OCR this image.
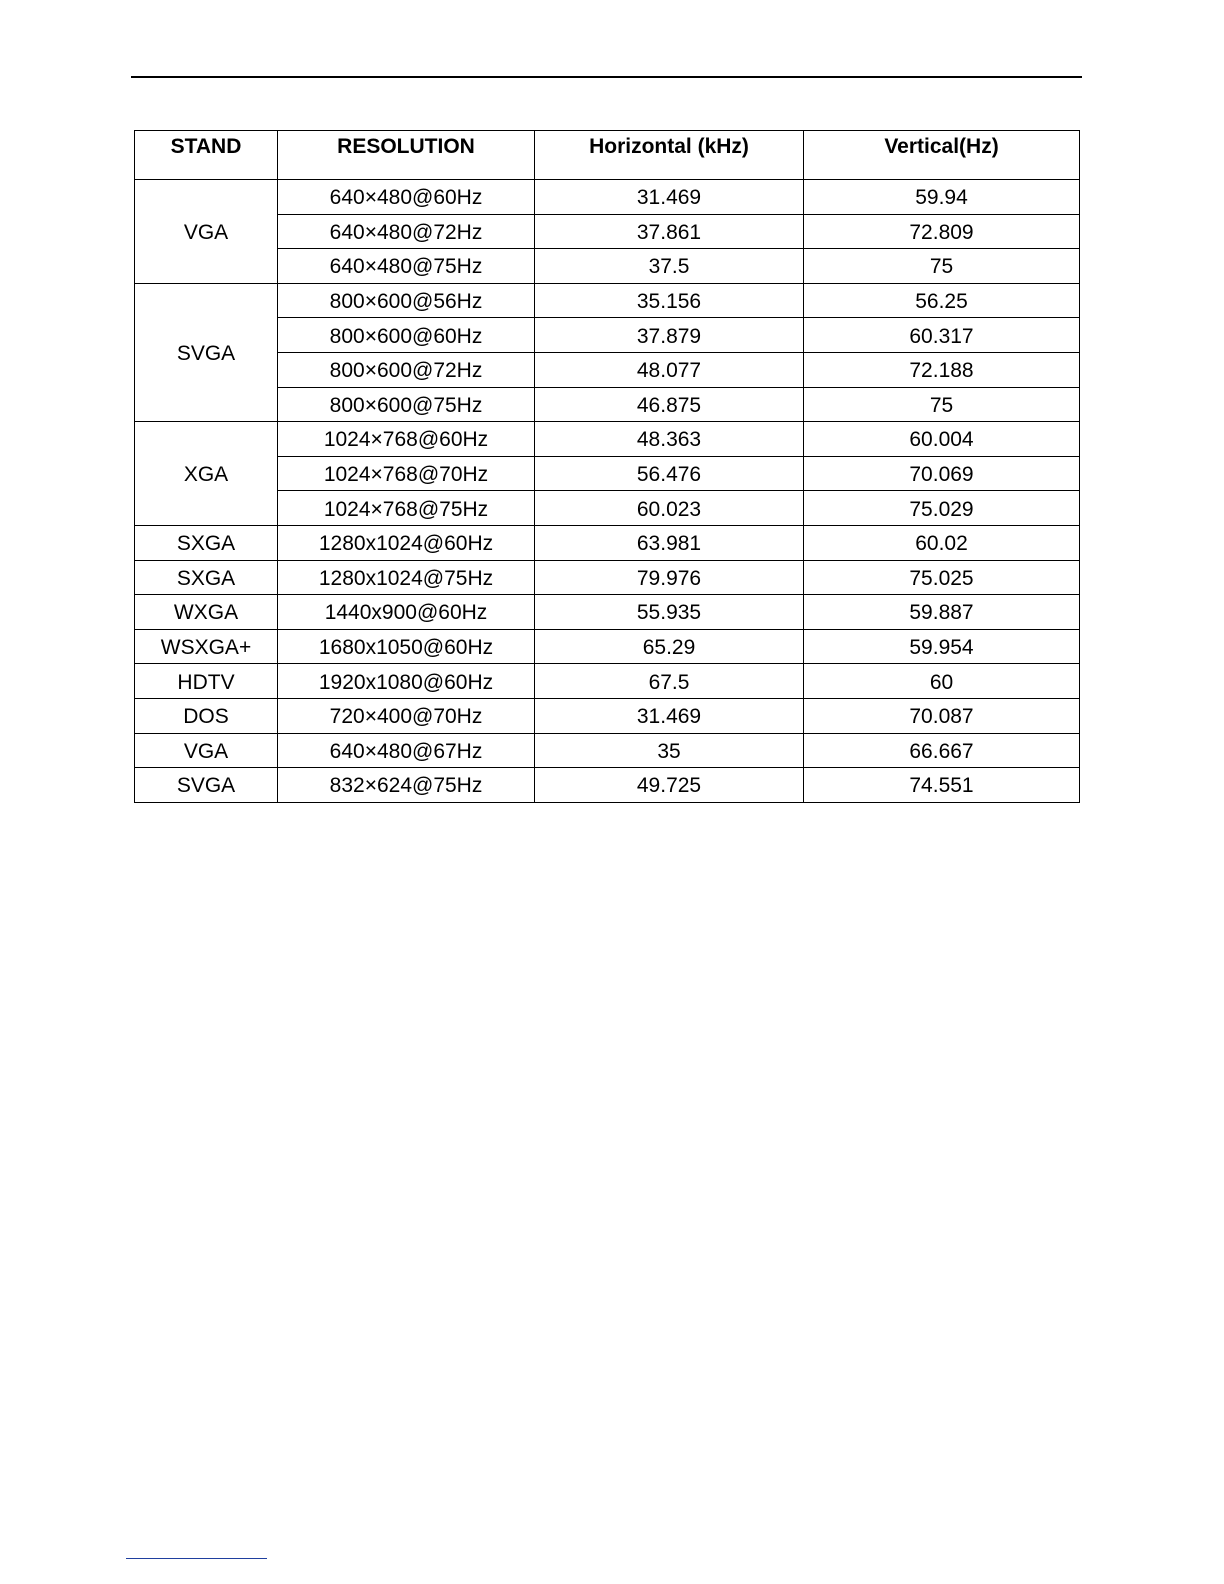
STAND	RESOLUTION	Horizontal (kHz)	Vertical(Hz)
VGA	640×480@60Hz	31.469	59.94
	640×480@72Hz	37.861	72.809
	640×480@75Hz	37.5	75
SVGA	800×600@56Hz	35.156	56.25
	800×600@60Hz	37.879	60.317
	800×600@72Hz	48.077	72.188
	800×600@75Hz	46.875	75
XGA	1024×768@60Hz	48.363	60.004
	1024×768@70Hz	56.476	70.069
	1024×768@75Hz	60.023	75.029
SXGA	1280x1024@60Hz	63.981	60.02
SXGA	1280x1024@75Hz	79.976	75.025
WXGA	1440x900@60Hz	55.935	59.887
WSXGA+	1680x1050@60Hz	65.29	59.954
HDTV	1920x1080@60Hz	67.5	60
DOS	720×400@70Hz	31.469	70.087
VGA	640×480@67Hz	35	66.667
SVGA	832×624@75Hz	49.725	74.551
